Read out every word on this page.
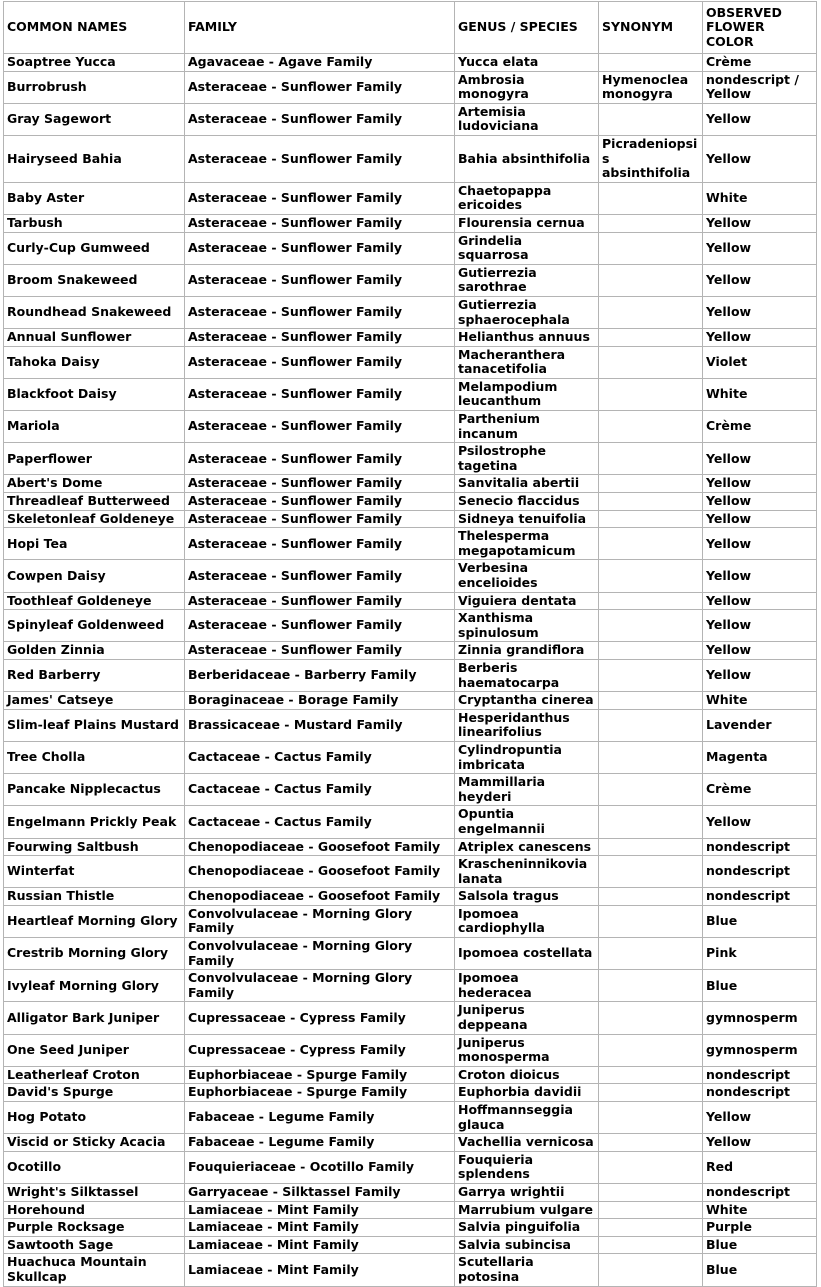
COMMON NAMES	FAMILY	GENUS / SPECIES	SYNONYM	OBSERVED FLOWER COLOR
Soaptree Yucca	Agavaceae - Agave Family	Yucca elata		Crème
Burrobrush	Asteraceae - Sunflower Family	Ambrosia monogyra	Hymenoclea monogyra	nondescript / Yellow
Gray Sagewort	Asteraceae - Sunflower Family	Artemisia ludoviciana		Yellow
Hairyseed Bahia	Asteraceae - Sunflower Family	Bahia absinthifolia	Picradeniopsis absinthifolia	Yellow
Baby Aster	Asteraceae - Sunflower Family	Chaetopappa ericoides		White
Tarbush	Asteraceae - Sunflower Family	Flourensia cernua		Yellow
Curly-Cup Gumweed	Asteraceae - Sunflower Family	Grindelia squarrosa		Yellow
Broom Snakeweed	Asteraceae - Sunflower Family	Gutierrezia sarothrae		Yellow
Roundhead Snakeweed	Asteraceae - Sunflower Family	Gutierrezia sphaerocephala		Yellow
Annual Sunflower	Asteraceae - Sunflower Family	Helianthus annuus		Yellow
Tahoka Daisy	Asteraceae - Sunflower Family	Macheranthera tanacetifolia		Violet
Blackfoot Daisy	Asteraceae - Sunflower Family	Melampodium leucanthum		White
Mariola	Asteraceae - Sunflower Family	Parthenium incanum		Crème
Paperflower	Asteraceae - Sunflower Family	Psilostrophe tagetina		Yellow
Abert's Dome	Asteraceae - Sunflower Family	Sanvitalia abertii		Yellow
Threadleaf Butterweed	Asteraceae - Sunflower Family	Senecio flaccidus		Yellow
Skeletonleaf Goldeneye	Asteraceae - Sunflower Family	Sidneya tenuifolia		Yellow
Hopi Tea	Asteraceae - Sunflower Family	Thelesperma megapotamicum		Yellow
Cowpen Daisy	Asteraceae - Sunflower Family	Verbesina encelioides		Yellow
Toothleaf Goldeneye	Asteraceae - Sunflower Family	Viguiera dentata		Yellow
Spinyleaf Goldenweed	Asteraceae - Sunflower Family	Xanthisma spinulosum		Yellow
Golden Zinnia	Asteraceae - Sunflower Family	Zinnia grandiflora		Yellow
Red Barberry	Berberidaceae - Barberry Family	Berberis haematocarpa		Yellow
James' Catseye	Boraginaceae - Borage Family	Cryptantha cinerea		White
Slim-leaf Plains Mustard	Brassicaceae - Mustard Family	Hesperidanthus linearifolius		Lavender
Tree Cholla	Cactaceae - Cactus Family	Cylindropuntia imbricata		Magenta
Pancake Nipplecactus	Cactaceae - Cactus Family	Mammillaria heyderi		Crème
Engelmann Prickly Peak	Cactaceae - Cactus Family	Opuntia engelmannii		Yellow
Fourwing Saltbush	Chenopodiaceae - Goosefoot Family	Atriplex canescens		nondescript
Winterfat	Chenopodiaceae - Goosefoot Family	Krascheninnikovia lanata		nondescript
Russian Thistle	Chenopodiaceae - Goosefoot Family	Salsola tragus		nondescript
Heartleaf Morning Glory	Convolvulaceae - Morning Glory Family	Ipomoea cardiophylla		Blue
Crestrib Morning Glory	Convolvulaceae - Morning Glory Family	Ipomoea costellata		Pink
Ivyleaf Morning Glory	Convolvulaceae - Morning Glory Family	Ipomoea hederacea		Blue
Alligator Bark Juniper	Cupressaceae - Cypress Family	Juniperus deppeana		gymnosperm
One Seed Juniper	Cupressaceae - Cypress Family	Juniperus monosperma		gymnosperm
Leatherleaf Croton	Euphorbiaceae - Spurge Family	Croton dioicus		nondescript
David's Spurge	Euphorbiaceae - Spurge Family	Euphorbia davidii		nondescript
Hog Potato	Fabaceae - Legume Family	Hoffmannseggia glauca		Yellow
Viscid or Sticky Acacia	Fabaceae - Legume Family	Vachellia vernicosa		Yellow
Ocotillo	Fouquieriaceae - Ocotillo Family	Fouquieria splendens		Red
Wright's Silktassel	Garryaceae - Silktassel Family	Garrya wrightii		nondescript
Horehound	Lamiaceae - Mint Family	Marrubium vulgare		White
Purple Rocksage	Lamiaceae - Mint Family	Salvia pinguifolia		Purple
Sawtooth Sage	Lamiaceae - Mint Family	Salvia subincisa		Blue
Huachuca Mountain Skullcap	Lamiaceae - Mint Family	Scutellaria potosina		Blue
